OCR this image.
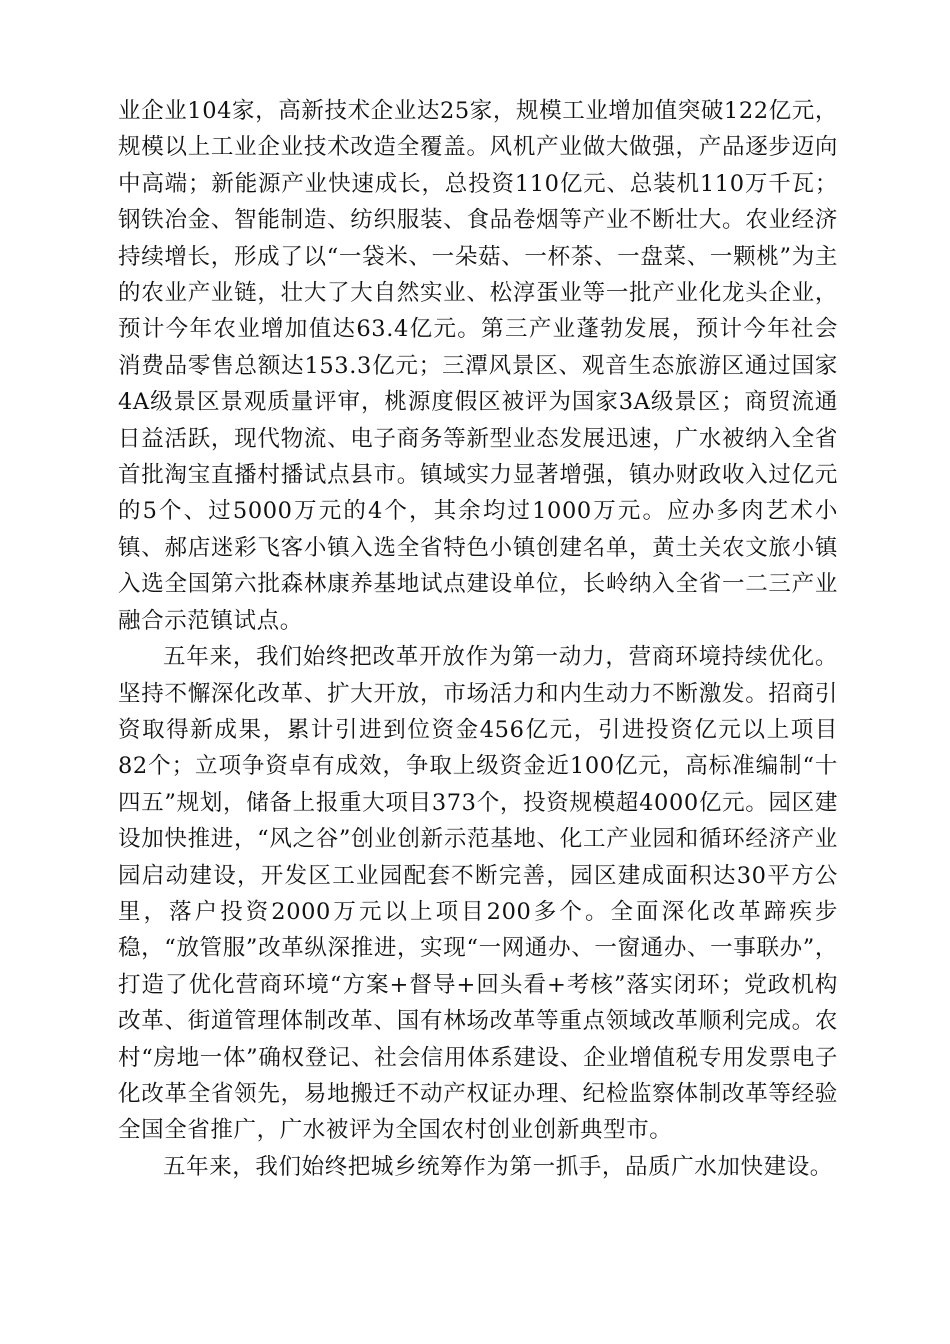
业企业104家，高新技术企业达25家，规模工业增加值突破122亿元，规模以上工业企业技术改造全覆盖。风机产业做大做强，产品逐步迈向中高端；新能源产业快速成长，总投资110亿元、总装机110万千瓦；钢铁冶金、智能制造、纺织服装、食品卷烟等产业不断壮大。农业经济持续增长，形成了以“一袋米、一朵菇、一杯茶、一盘菜、一颗桃”为主的农业产业链，壮大了大自然实业、松淳蛋业等一批产业化龙头企业，预计今年农业增加值达63.4亿元。第三产业蓬勃发展，预计今年社会消费品零售总额达153.3亿元；三潭风景区、观音生态旅游区通过国家4A级景区景观质量评审，桃源度假区被评为国家3A级景区；商贸流通日益活跃，现代物流、电子商务等新型业态发展迅速，广水被纳入全省首批淘宝直播村播试点县市。镇域实力显著增强，镇办财政收入过亿元的5个、过5000万元的4个，其余均过1000万元。应办多肉艺术小镇、郝店迷彩飞客小镇入选全省特色小镇创建名单，黄土关农文旅小镇入选全国第六批森林康养基地试点建设单位，长岭纳入全省一二三产业融合示范镇试点。

五年来，我们始终把改革开放作为第一动力，营商环境持续优化。坚持不懈深化改革、扩大开放，市场活力和内生动力不断激发。招商引资取得新成果，累计引进到位资金456亿元，引进投资亿元以上项目82个；立项争资卓有成效，争取上级资金近100亿元，高标准编制“十四五”规划，储备上报重大项目373个，投资规模超4000亿元。园区建设加快推进，“风之谷”创业创新示范基地、化工产业园和循环经济产业园启动建设，开发区工业园配套不断完善，园区建成面积达30平方公里，落户投资2000万元以上项目200多个。全面深化改革蹄疾步稳，“放管服”改革纵深推进，实现“一网通办、一窗通办、一事联办”，打造了优化营商环境“方案+督导+回头看+考核”落实闭环；党政机构改革、街道管理体制改革、国有林场改革等重点领域改革顺利完成。农村“房地一体”确权登记、社会信用体系建设、企业增值税专用发票电子化改革全省领先，易地搬迁不动产权证办理、纪检监察体制改革等经验全国全省推广，广水被评为全国农村创业创新典型市。

五年来，我们始终把城乡统筹作为第一抓手，品质广水加快建设。
